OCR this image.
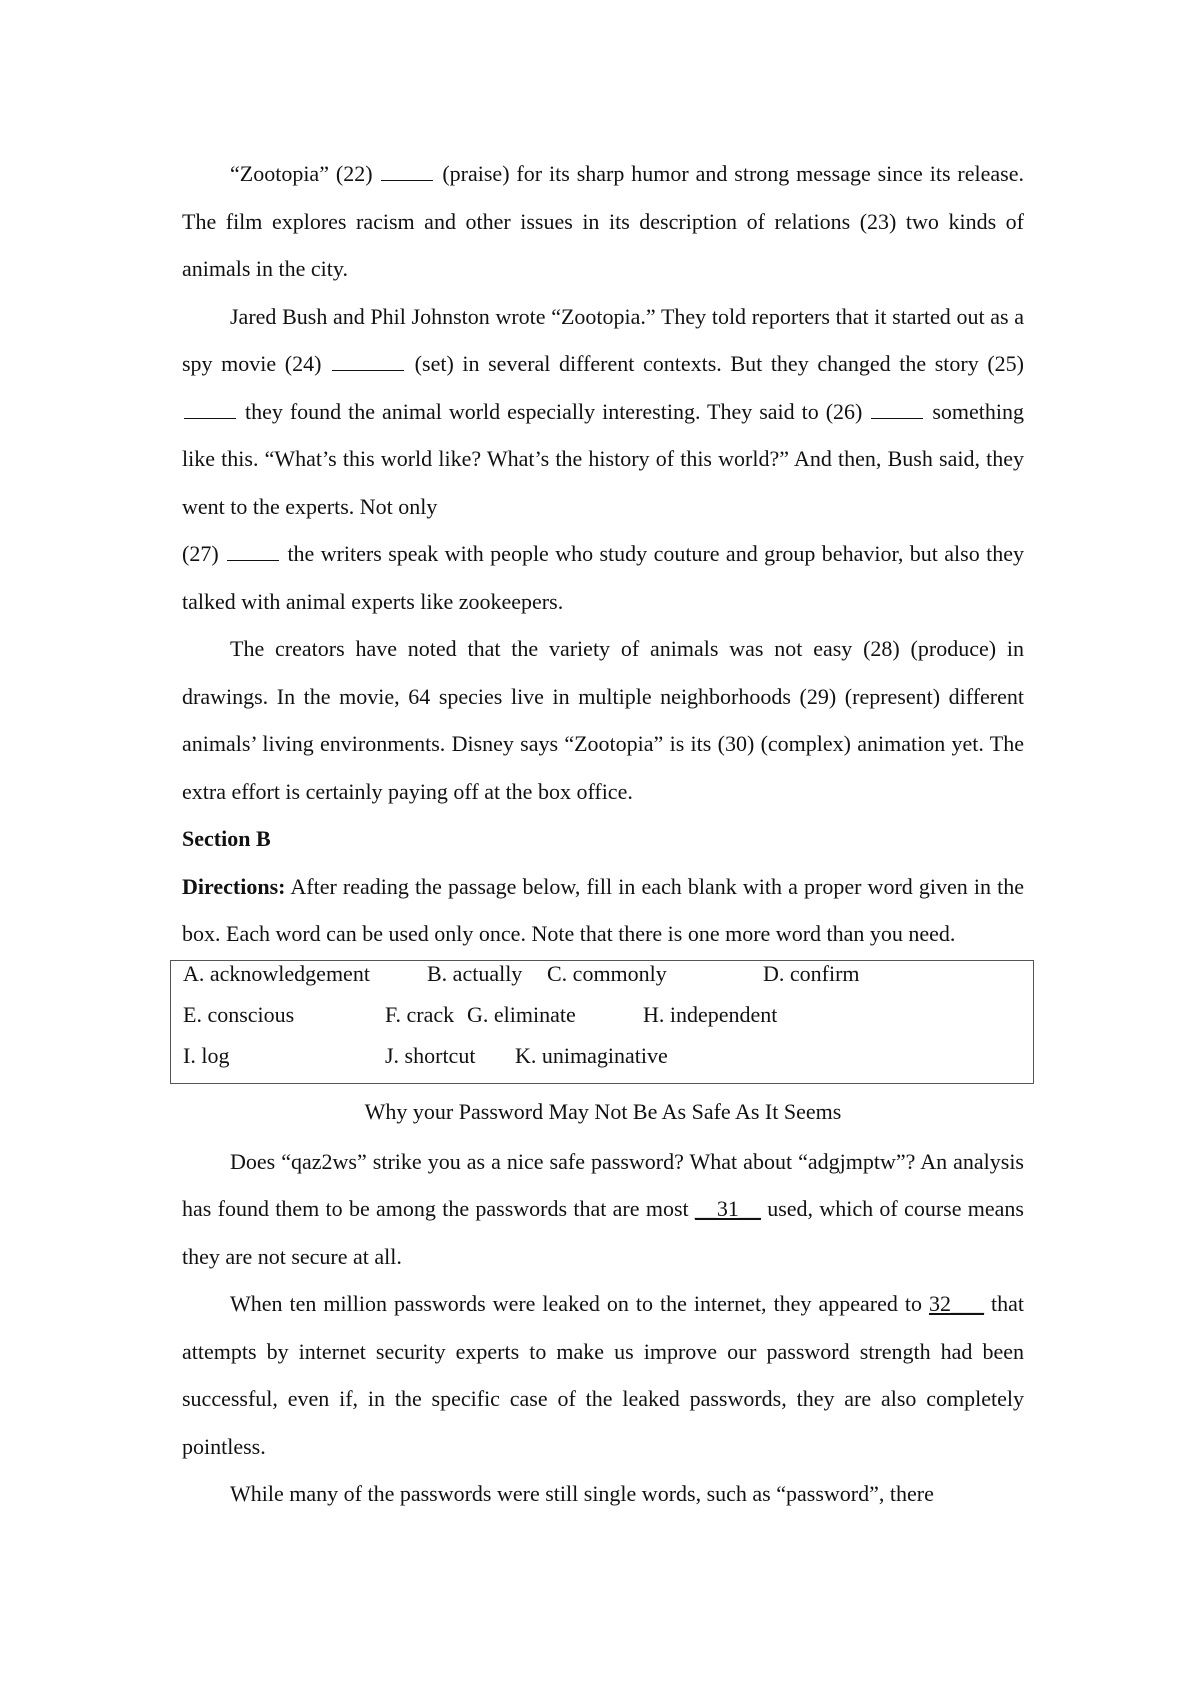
“Zootopia” (22)	(praise) for its sharp humor and strong message since its release. The film explores racism and other issues in its description of relations (23) two kinds of animals in the city.

Jared Bush and Phil Johnston wrote “Zootopia.” They told reporters that it started out as a spy movie (24)	(set) in several different contexts. But they changed the story (25)  they found the animal world especially interesting. They said to (26)	something like this. “What’s this world like? What’s the history of this world?” And then, Bush said, they went to the experts. Not only

(27)	the writers speak with people who study couture and group behavior, but also they talked with animal experts like zookeepers.

The creators have noted that the variety of animals was not easy (28) (produce) in drawings. In the movie, 64 species live in multiple neighborhoods (29) (represent) different animals’ living environments. Disney says “Zootopia” is its (30) (complex) animation yet. The extra effort is certainly paying off at the box office.

Section B

Directions: After reading the passage below, fill in each blank with a proper word given in the box. Each word can be used only once. Note that there is one more word than you need.

A. acknowledgement	B. actually C. commonly	D. confirm
E. conscious	F. crack G. eliminate	H. independent
I. log	J. shortcut K. unimaginative

Why your Password May Not Be As Safe As It Seems

Does “qaz2ws” strike you as a nice safe password? What about “adgjmptw”? An analysis has found them to be among the passwords that are most __31__ used, which of course means they are not secure at all.

When ten million passwords were leaked on to the internet, they appeared to 32___ that attempts by internet security experts to make us improve our password strength had been successful, even if, in the specific case of the leaked passwords, they are also completely pointless.

While many of the passwords were still single words, such as “password”, there
